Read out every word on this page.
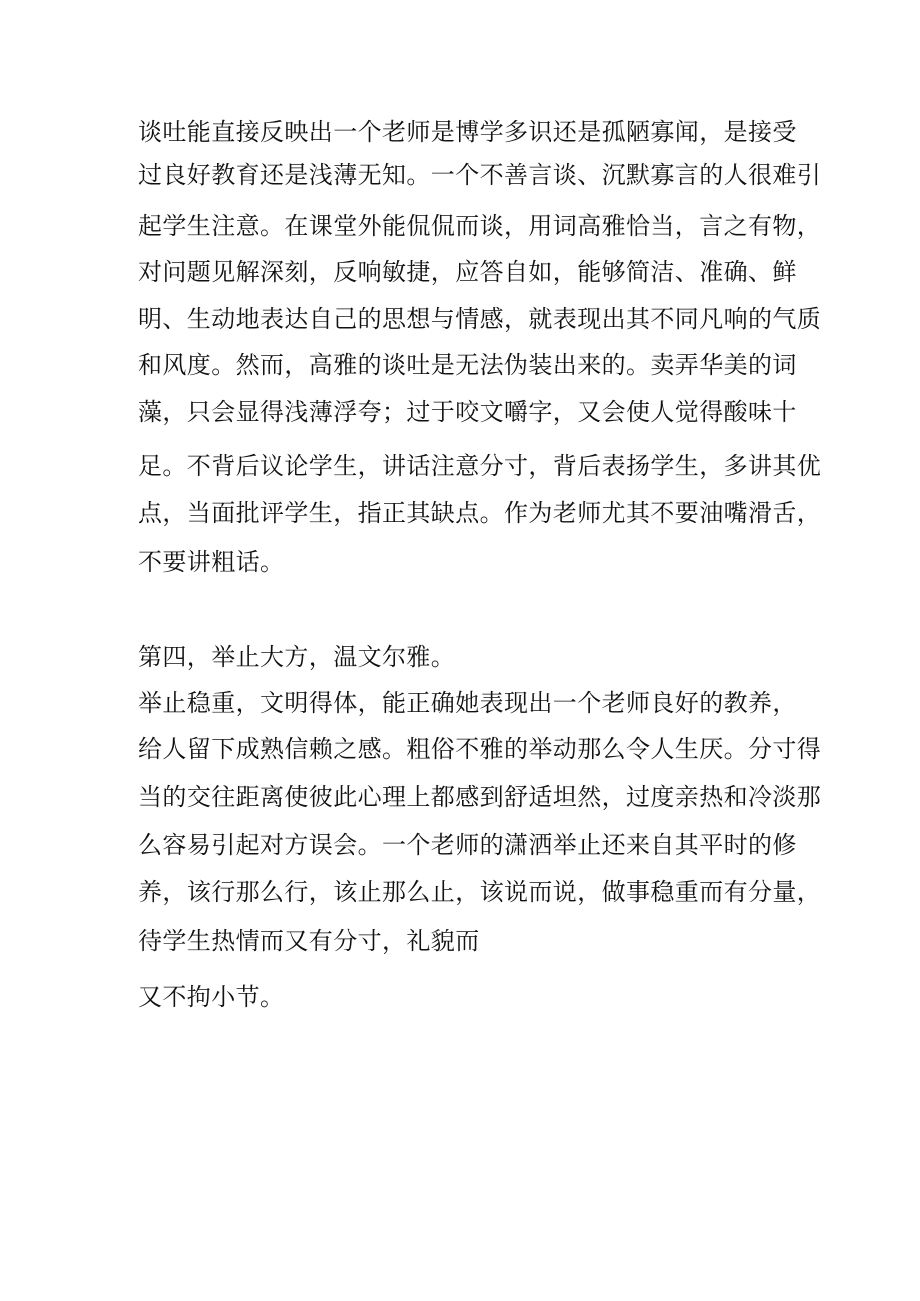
谈吐能直接反映出一个老师是博学多识还是孤陋寡闻，是接受
过良好教育还是浅薄无知。一个不善言谈、沉默寡言的人很难引
起学生注意。在课堂外能侃侃而谈，用词高雅恰当，言之有物，
对问题见解深刻，反响敏捷，应答自如，能够简洁、准确、鲜
明、生动地表达自己的思想与情感，就表现出其不同凡响的气质
和风度。然而，高雅的谈吐是无法伪装出来的。卖弄华美的词
藻，只会显得浅薄浮夸；过于咬文嚼字，又会使人觉得酸味十
足。不背后议论学生，讲话注意分寸，背后表扬学生，多讲其优
点，当面批评学生，指正其缺点。作为老师尤其不要油嘴滑舌，
不要讲粗话。
第四，举止大方，温文尔雅。
举止稳重，文明得体，能正确她表现出一个老师良好的教养，
给人留下成熟信赖之感。粗俗不雅的举动那么令人生厌。分寸得
当的交往距离使彼此心理上都感到舒适坦然，过度亲热和冷淡那
么容易引起对方误会。一个老师的潇洒举止还来自其平时的修
养，该行那么行，该止那么止，该说而说，做事稳重而有分量，
待学生热情而又有分寸，礼貌而
又不拘小节。
